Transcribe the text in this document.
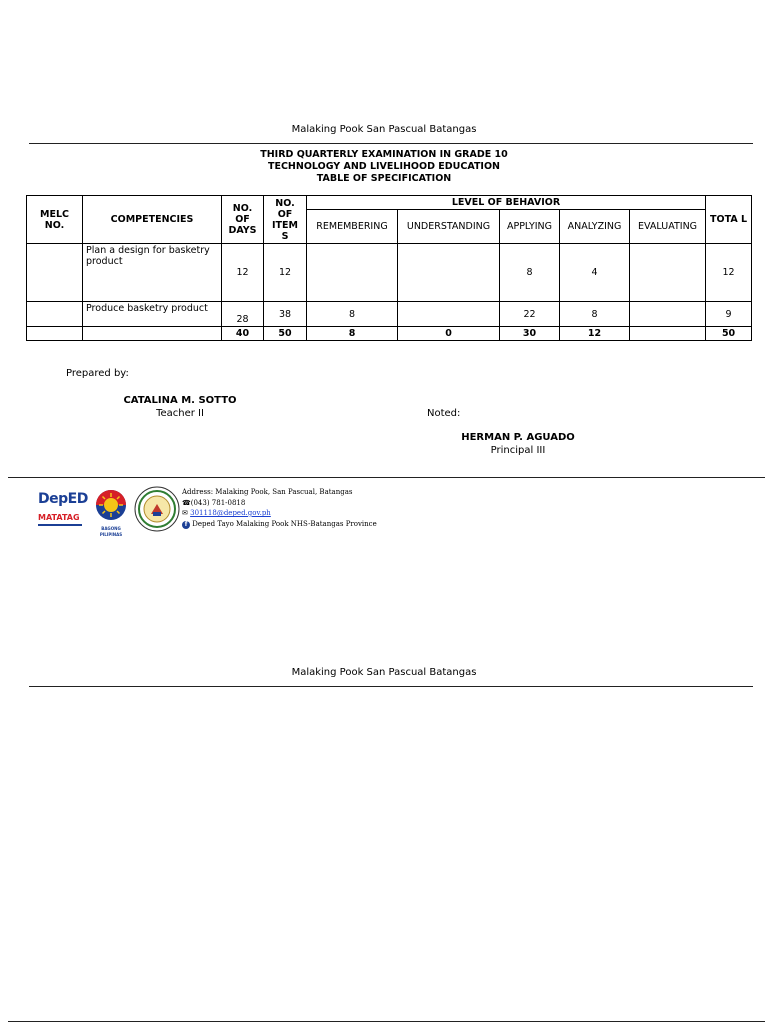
Malaking Pook San Pascual Batangas
THIRD QUARTERLY EXAMINATION IN GRADE 10
TECHNOLOGY AND LIVELIHOOD EDUCATION
TABLE OF SPECIFICATION
MELC NO.	COMPETENCIES	NO. OF DAYS	NO. OF ITEM S	LEVEL OF BEHAVIOR					TOTA L
				REMEMBERING	UNDERSTANDING	APPLYING	ANALYZING	EVALUATING	
	Plan a design for basketry product	12	12			8	4		12
	Produce basketry product	28	38	8		22	8		9
		40	50	8	0	30	12		50
Prepared by:
CATALINA M. SOTTO
Teacher II	Noted:
HERMAN P. AGUADO
Principal III
DepED
MATATAG
BAGONG PILIPINAS
Address: Malaking Pook, San Pascual, Batangas
☎(043) 781-0818
✉ 301118@deped.gov.ph
f Deped Tayo Malaking Pook NHS-Batangas Province
Malaking Pook San Pascual Batangas
